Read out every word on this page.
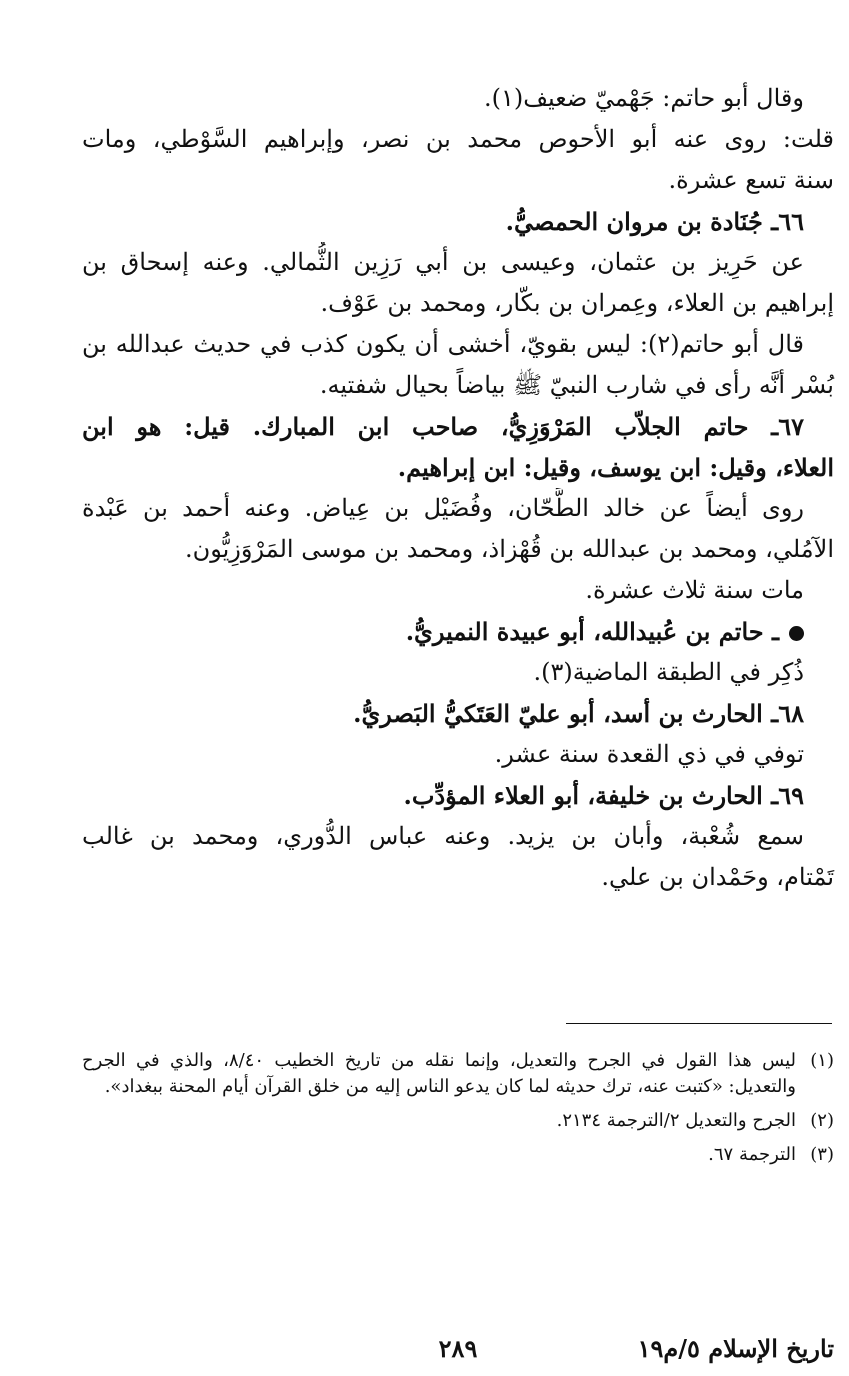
وقال أبو حاتم: جَهْميّ ضعيف(١).
قلت: روى عنه أبو الأحوص محمد بن نصر، وإبراهيم السَّوْطي، ومات
سنة تسع عشرة.
٦٦ـ جُنَادة بن مروان الحمصيُّ.
عن حَرِيز بن عثمان، وعيسى بن أبي رَزِين الثُّمالي. وعنه إسحاق بن
إبراهيم بن العلاء، وعِمران بن بكّار، ومحمد بن عَوْف.
قال أبو حاتم(٢): ليس بقويّ، أخشى أن يكون كذب في حديث عبدالله بن
بُسْر أنَّه رأى في شارب النبيّ ﷺ بياضاً بحيال شفتيه.
٦٧ـ حاتم الجلاّب المَرْوَزِيُّ، صاحب ابن المبارك. قيل: هو ابن
العلاء، وقيل: ابن يوسف، وقيل: ابن إبراهيم.
روى أيضاً عن خالد الطَّحّان، وفُضَيْل بن عِياض. وعنه أحمد بن عَبْدة
الآمُلي، ومحمد بن عبدالله بن قُهْزاذ، ومحمد بن موسى المَرْوَزِيُّون.
مات سنة ثلاث عشرة.
ـ حاتم بن عُبيدالله، أبو عبيدة النميريُّ.
ذُكِر في الطبقة الماضية(٣).
٦٨ـ الحارث بن أسد، أبو عليّ العَتَكيُّ البَصريُّ.
توفي في ذي القعدة سنة عشر.
٦٩ـ الحارث بن خليفة، أبو العلاء المؤدِّب.
سمع شُعْبة، وأبان بن يزيد. وعنه عباس الدُّوري، ومحمد بن غالب
تَمْتام، وحَمْدان بن علي.
(١)
ليس هذا القول في الجرح والتعديل، وإنما نقله من تاريخ الخطيب ٨/٤٠، والذي في الجرح والتعديل: «كتبت عنه، ترك حديثه لما كان يدعو الناس إليه من خلق القرآن أيام المحنة ببغداد».
(٢)
الجرح والتعديل ٢/الترجمة ٢١٣٤.
(٣)
الترجمة ٦٧.
تاريخ الإسلام ٥/م١٩
٢٨٩
